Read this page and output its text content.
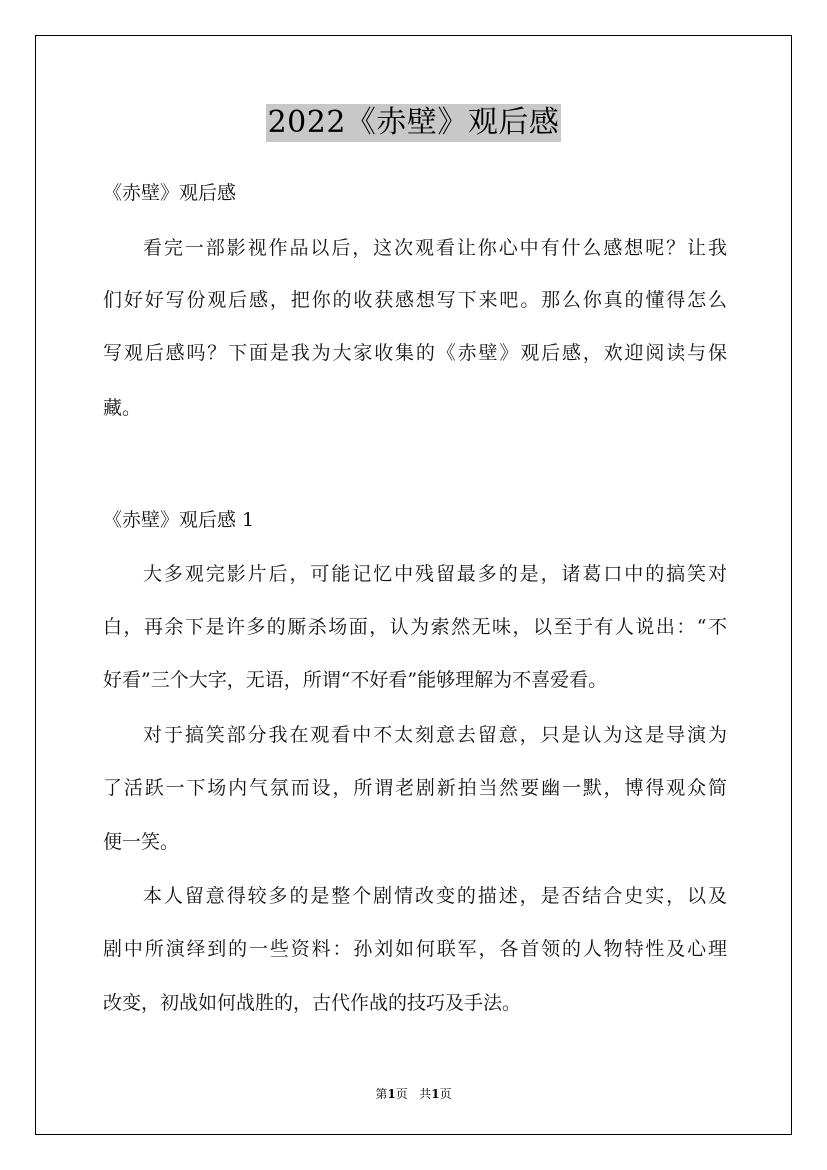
2022《赤壁》观后感
《赤壁》观后感
看完一部影视作品以后，这次观看让你心中有什么感想呢？让我
们好好写份观后感，把你的收获感想写下来吧。那么你真的懂得怎么
写观后感吗？下面是我为大家收集的《赤壁》观后感，欢迎阅读与保
藏。
《赤壁》观后感 1
大多观完影片后，可能记忆中残留最多的是，诸葛口中的搞笑对
白，再余下是许多的厮杀场面，认为索然无味，以至于有人说出：“不
好看”三个大字，无语，所谓“不好看”能够理解为不喜爱看。
对于搞笑部分我在观看中不太刻意去留意，只是认为这是导演为
了活跃一下场内气氛而设，所谓老剧新拍当然要幽一默，博得观众简
便一笑。
本人留意得较多的是整个剧情改变的描述，是否结合史实，以及
剧中所演绎到的一些资料：孙刘如何联军，各首领的人物特性及心理
改变，初战如何战胜的，古代作战的技巧及手法。
第1页 共1页
